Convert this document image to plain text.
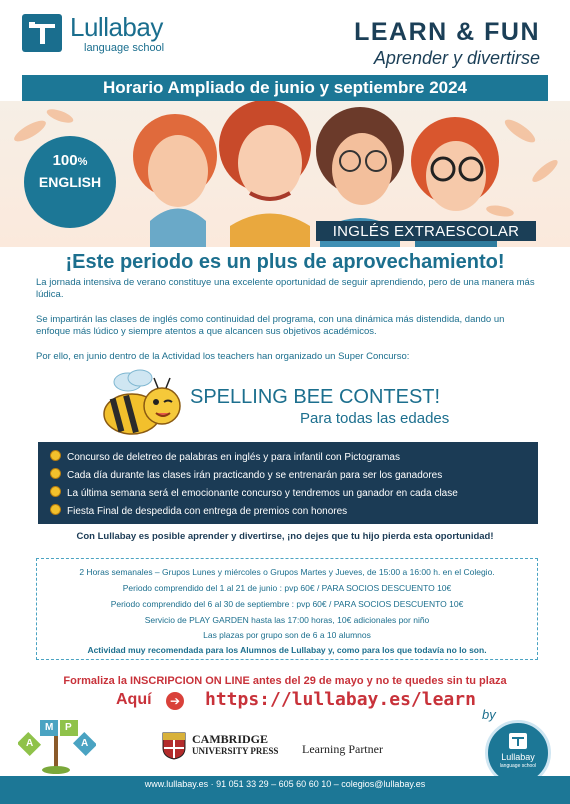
Lullabay
language school
LEARN & FUN
Aprender y divertirse
Horario Ampliado de junio y septiembre 2024
100%
ENGLISH
INGLÉS EXTRAESCOLAR
¡Este periodo es un plus de aprovechamiento!
La jornada intensiva de verano constituye una excelente oportunidad de seguir aprendiendo, pero de una manera más lúdica.
Se impartirán las clases de inglés como continuidad del programa, con una dinámica más distendida, dando un enfoque más lúdico y siempre atentos a que alcancen sus objetivos académicos.
Por ello, en junio dentro de la Actividad los teachers han organizado un Super Concurso:
SPELLING BEE CONTEST!
Para todas las edades
Concurso de deletreo de palabras en inglés y para infantil con Pictogramas
Cada día durante las clases irán practicando y se entrenarán para ser los ganadores
La última semana será el emocionante concurso y tendremos un ganador en cada clase
Fiesta Final de despedida con entrega de premios con honores
Con Lullabay es posible aprender y divertirse, ¡no dejes que tu hijo pierda esta oportunidad!
2 Horas semanales – Grupos Lunes y miércoles o Grupos Martes y Jueves, de 15:00 a 16:00 h. en el Colegio.
Periodo comprendido del 1 al 21 de junio : pvp 60€ / PARA SOCIOS DESCUENTO 10€
Periodo comprendido del 6 al 30 de septiembre : pvp 60€ / PARA SOCIOS DESCUENTO 10€
Servicio de PLAY GARDEN hasta las 17:00 horas, 10€ adicionales por niño
Las plazas por grupo son de 6 a 10 alumnos
Actividad muy recomendada para los Alumnos de Lullabay y, como para los que todavía no lo son.
Formaliza la INSCRIPCION ON LINE antes del 29 de mayo y no te quedes sin tu plaza
Aquí	➔ https://lullabay.es/learn
A
M P
A	CAMBRIDGE
UNIVERSITY PRESS Learning Partner
by
Lullabay
language school
www.lullabay.es · 91 051 33 29 – 605 60 60 10 – colegios@lullabay.es
